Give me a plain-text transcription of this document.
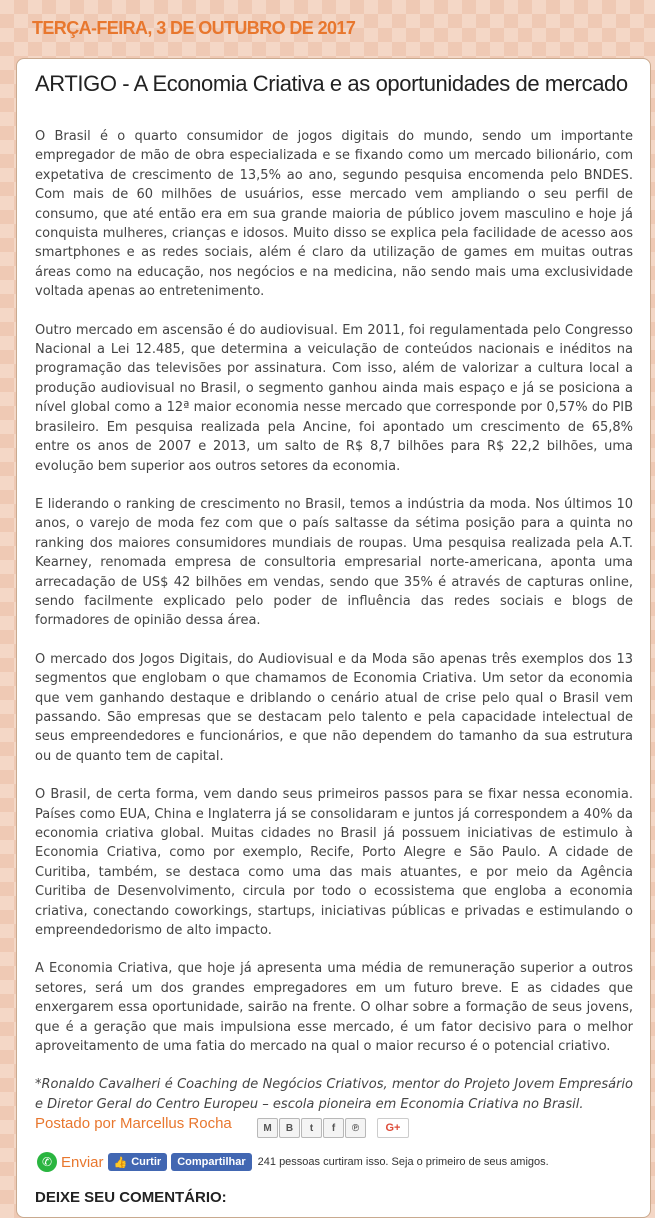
TERÇA-FEIRA, 3 DE OUTUBRO DE 2017
ARTIGO - A Economia Criativa e as oportunidades de mercado

O Brasil é o quarto consumidor de jogos digitais do mundo, sendo um importante empregador de mão de obra especializada e se fixando como um mercado bilionário, com expetativa de crescimento de 13,5% ao ano, segundo pesquisa encomenda pelo BNDES. Com mais de 60 milhões de usuários, esse mercado vem ampliando o seu perfil de consumo, que até então era em sua grande maioria de público jovem masculino e hoje já conquista mulheres, crianças e idosos. Muito disso se explica pela facilidade de acesso aos smartphones e as redes sociais, além é claro da utilização de games em muitas outras áreas como na educação, nos negócios e na medicina, não sendo mais uma exclusividade voltada apenas ao entretenimento.

Outro mercado em ascensão é do audiovisual. Em 2011, foi regulamentada pelo Congresso Nacional a Lei 12.485, que determina a veiculação de conteúdos nacionais e inéditos na programação das televisões por assinatura. Com isso, além de valorizar a cultura local a produção audiovisual no Brasil, o segmento ganhou ainda mais espaço e já se posiciona a nível global como a 12ª maior economia nesse mercado que corresponde por 0,57% do PIB brasileiro. Em pesquisa realizada pela Ancine, foi apontado um crescimento de 65,8% entre os anos de 2007 e 2013, um salto de R$ 8,7 bilhões para R$ 22,2 bilhões, uma evolução bem superior aos outros setores da economia.

E liderando o ranking de crescimento no Brasil, temos a indústria da moda. Nos últimos 10 anos, o varejo de moda fez com que o país saltasse da sétima posição para a quinta no ranking dos maiores consumidores mundiais de roupas. Uma pesquisa realizada pela A.T. Kearney, renomada empresa de consultoria empresarial norte-americana, aponta uma arrecadação de US$ 42 bilhões em vendas, sendo que 35% é através de capturas online, sendo facilmente explicado pelo poder de influência das redes sociais e blogs de formadores de opinião dessa área.

O mercado dos Jogos Digitais, do Audiovisual e da Moda são apenas três exemplos dos 13 segmentos que englobam o que chamamos de Economia Criativa. Um setor da economia que vem ganhando destaque e driblando o cenário atual de crise pelo qual o Brasil vem passando. São empresas que se destacam pelo talento e pela capacidade intelectual de seus empreendedores e funcionários, e que não dependem do tamanho da sua estrutura ou de quanto tem de capital.

O Brasil, de certa forma, vem dando seus primeiros passos para se fixar nessa economia. Países como EUA, China e Inglaterra já se consolidaram e juntos já correspondem a 40% da economia criativa global. Muitas cidades no Brasil já possuem iniciativas de estimulo à Economia Criativa, como por exemplo, Recife, Porto Alegre e São Paulo. A cidade de Curitiba, também, se destaca como uma das mais atuantes, e por meio da Agência Curitiba de Desenvolvimento, circula por todo o ecossistema que engloba a economia criativa, conectando coworkings, startups, iniciativas públicas e privadas e estimulando o empreendedorismo de alto impacto.

A Economia Criativa, que hoje já apresenta uma média de remuneração superior a outros setores, será um dos grandes empregadores em um futuro breve. E as cidades que enxergarem essa oportunidade, sairão na frente. O olhar sobre a formação de seus jovens, que é a geração que mais impulsiona esse mercado, é um fator decisivo para o melhor aproveitamento de uma fatia do mercado na qual o maior recurso é o potencial criativo.

*Ronaldo Cavalheri é Coaching de Negócios Criativos, mentor do Projeto Jovem Empresário e Diretor Geral do Centro Europeu – escola pioneira em Economia Criativa no Brasil.

Postado por Marcellus Rocha	M	B	t	f	℗	G+
✆ Enviar 👍 Curtir Compartilhar 241 pessoas curtiram isso. Seja o primeiro de seus amigos.
DEIXE SEU COMENTÁRIO:
